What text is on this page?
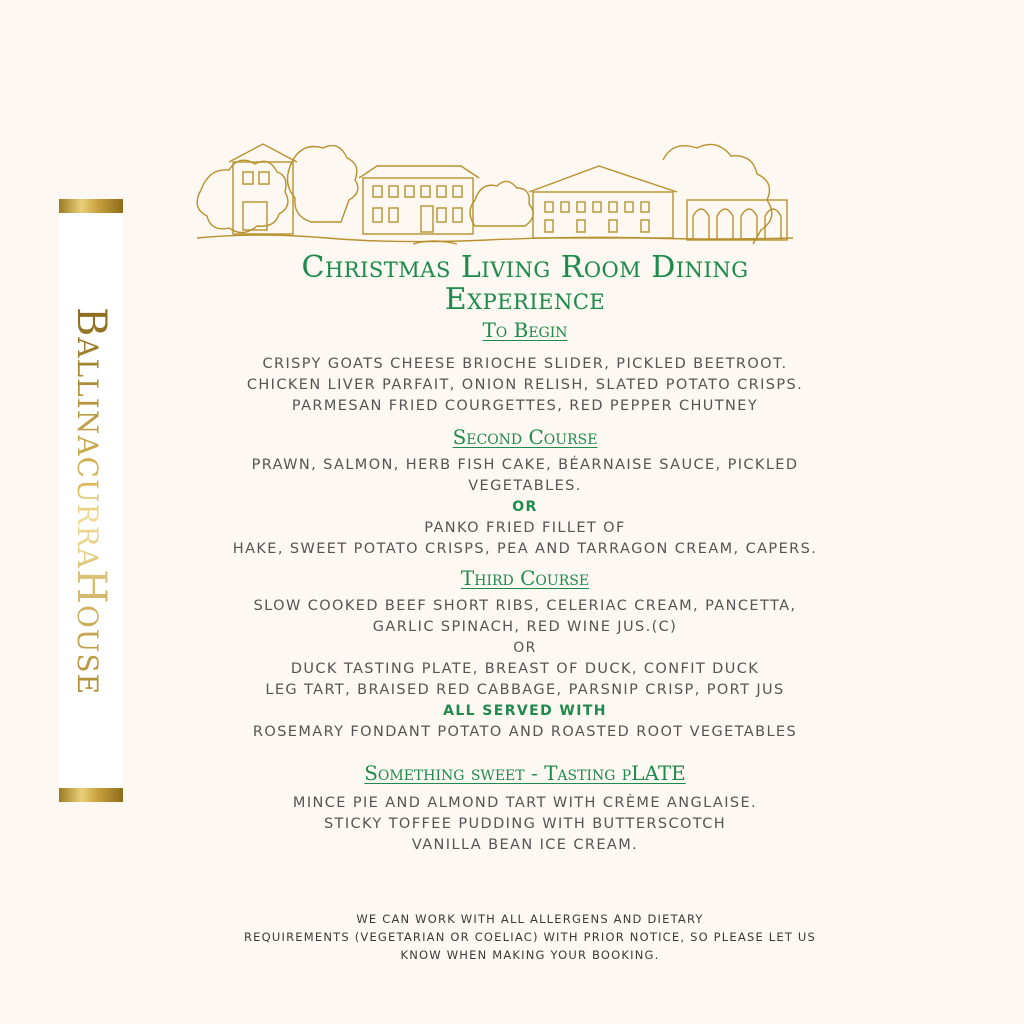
BallinacurraHouse
Christmas Living Room Dining
Experience
To Begin

CRISPY GOATS CHEESE BRIOCHE SLIDER, PICKLED BEETROOT.

CHICKEN LIVER PARFAIT, ONION RELISH, SLATED POTATO CRISPS.

PARMESAN FRIED COURGETTES, RED PEPPER CHUTNEY

Second Course

PRAWN, SALMON, HERB FISH CAKE, BÉARNAISE SAUCE, PICKLED

VEGETABLES.

OR

PANKO FRIED FILLET OF

HAKE, SWEET POTATO CRISPS, PEA AND TARRAGON CREAM, CAPERS.

Third Course

SLOW COOKED BEEF SHORT RIBS, CELERIAC CREAM, PANCETTA,

GARLIC SPINACH, RED WINE JUS.(C)

OR

DUCK TASTING PLATE, BREAST OF DUCK, CONFIT DUCK

LEG TART, BRAISED RED CABBAGE, PARSNIP CRISP, PORT JUS

ALL SERVED WITH

ROSEMARY FONDANT POTATO AND ROASTED ROOT VEGETABLES

Something sweet - Tasting pLATE

MINCE PIE AND ALMOND TART WITH CRÈME ANGLAISE.

STICKY TOFFEE PUDDING WITH BUTTERSCOTCH

VANILLA BEAN ICE CREAM.

WE CAN WORK WITH ALL ALLERGENS AND DIETARY
REQUIREMENTS (VEGETARIAN OR COELIAC) WITH PRIOR NOTICE, SO PLEASE LET US
KNOW WHEN MAKING YOUR BOOKING.
